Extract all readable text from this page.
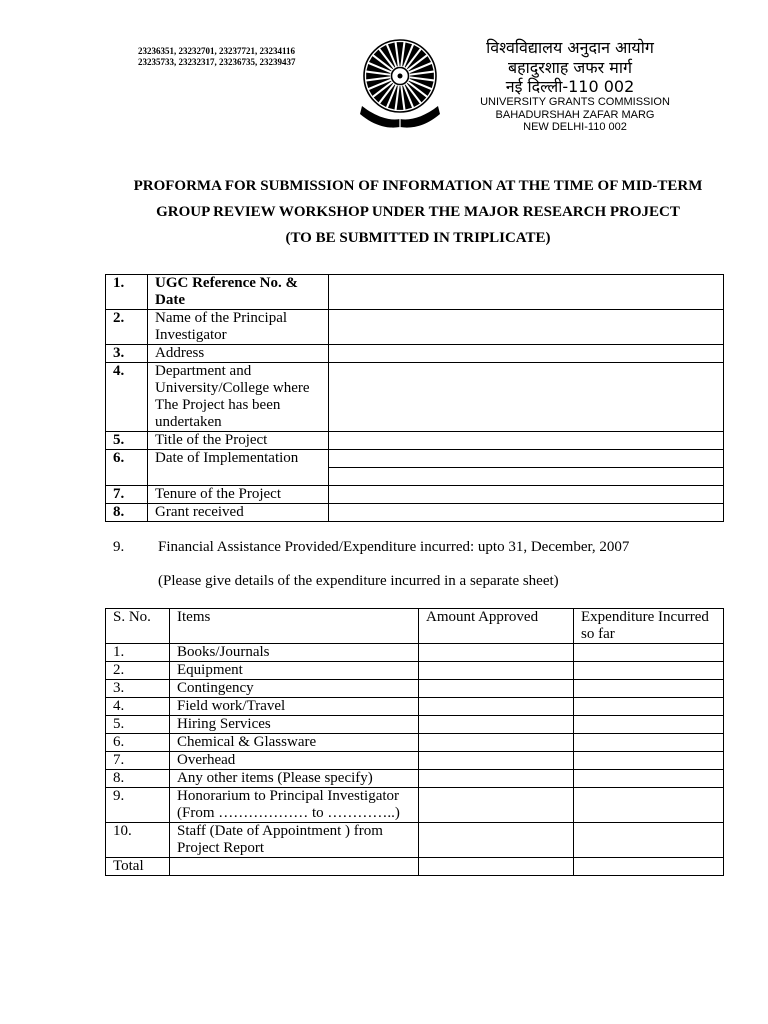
23236351, 23232701, 23237721, 23234116
23235733, 23232317, 23236735, 23239437
विश्वविद्यालय अनुदान आयोग
बहादुरशाह जफर मार्ग
नई दिल्ली-110 002
UNIVERSITY GRANTS COMMISSION
BAHADURSHAH ZAFAR MARG
NEW DELHI-110 002
PROFORMA FOR SUBMISSION OF INFORMATION AT THE TIME OF MID-TERM
GROUP REVIEW WORKSHOP UNDER THE MAJOR RESEARCH PROJECT
(TO BE SUBMITTED IN TRIPLICATE)
1.	UGC Reference No. & Date	
2.	Name of the Principal Investigator	
3.	Address	
4.	Department and University/College where The Project has been undertaken	
5.	Title of the Project	
6.	Date of Implementation	

7.	Tenure of the Project	
8.	Grant received	
9. Financial Assistance Provided/Expenditure incurred: upto 31, December, 2007
(Please give details of the expenditure incurred in a separate sheet)
S. No.	Items	Amount Approved	Expenditure Incurred so far
1.	Books/Journals		
2.	Equipment		
3.	Contingency		
4.	Field work/Travel		
5.	Hiring Services		
6.	Chemical & Glassware		
7.	Overhead		
8.	Any other items (Please specify)		
9.	Honorarium to Principal Investigator (From ……………… to …………..)		
10.	Staff (Date of Appointment ) from Project Report		
Total			
